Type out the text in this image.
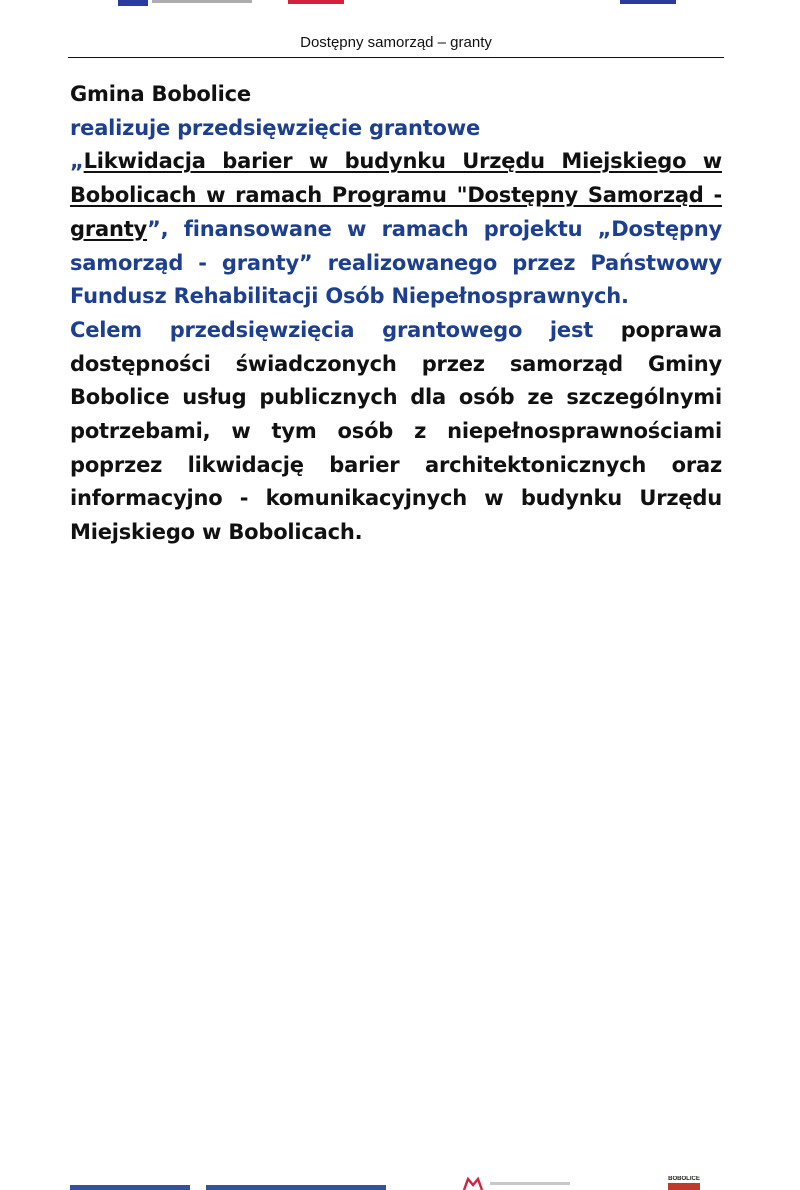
Dostępny samorząd – granty

Gmina Bobolice

realizuje przedsięwzięcie grantowe

„Likwidacja barier w budynku Urzędu Miejskiego w Bobolicach w ramach Programu "Dostępny Samorząd - granty”, finansowane w ramach projektu „Dostępny samorząd - granty” realizowanego przez Państwowy Fundusz Rehabilitacji Osób Niepełnosprawnych.

Celem przedsięwzięcia grantowego jest poprawa dostępności świadczonych przez samorząd Gminy Bobolice usług publicznych dla osób ze szczególnymi potrzebami, w tym osób z niepełnosprawnościami poprzez likwidację barier architektonicznych oraz informacyjno - komunikacyjnych w budynku Urzędu Miejskiego w Bobolicach.

BOBOLICE
